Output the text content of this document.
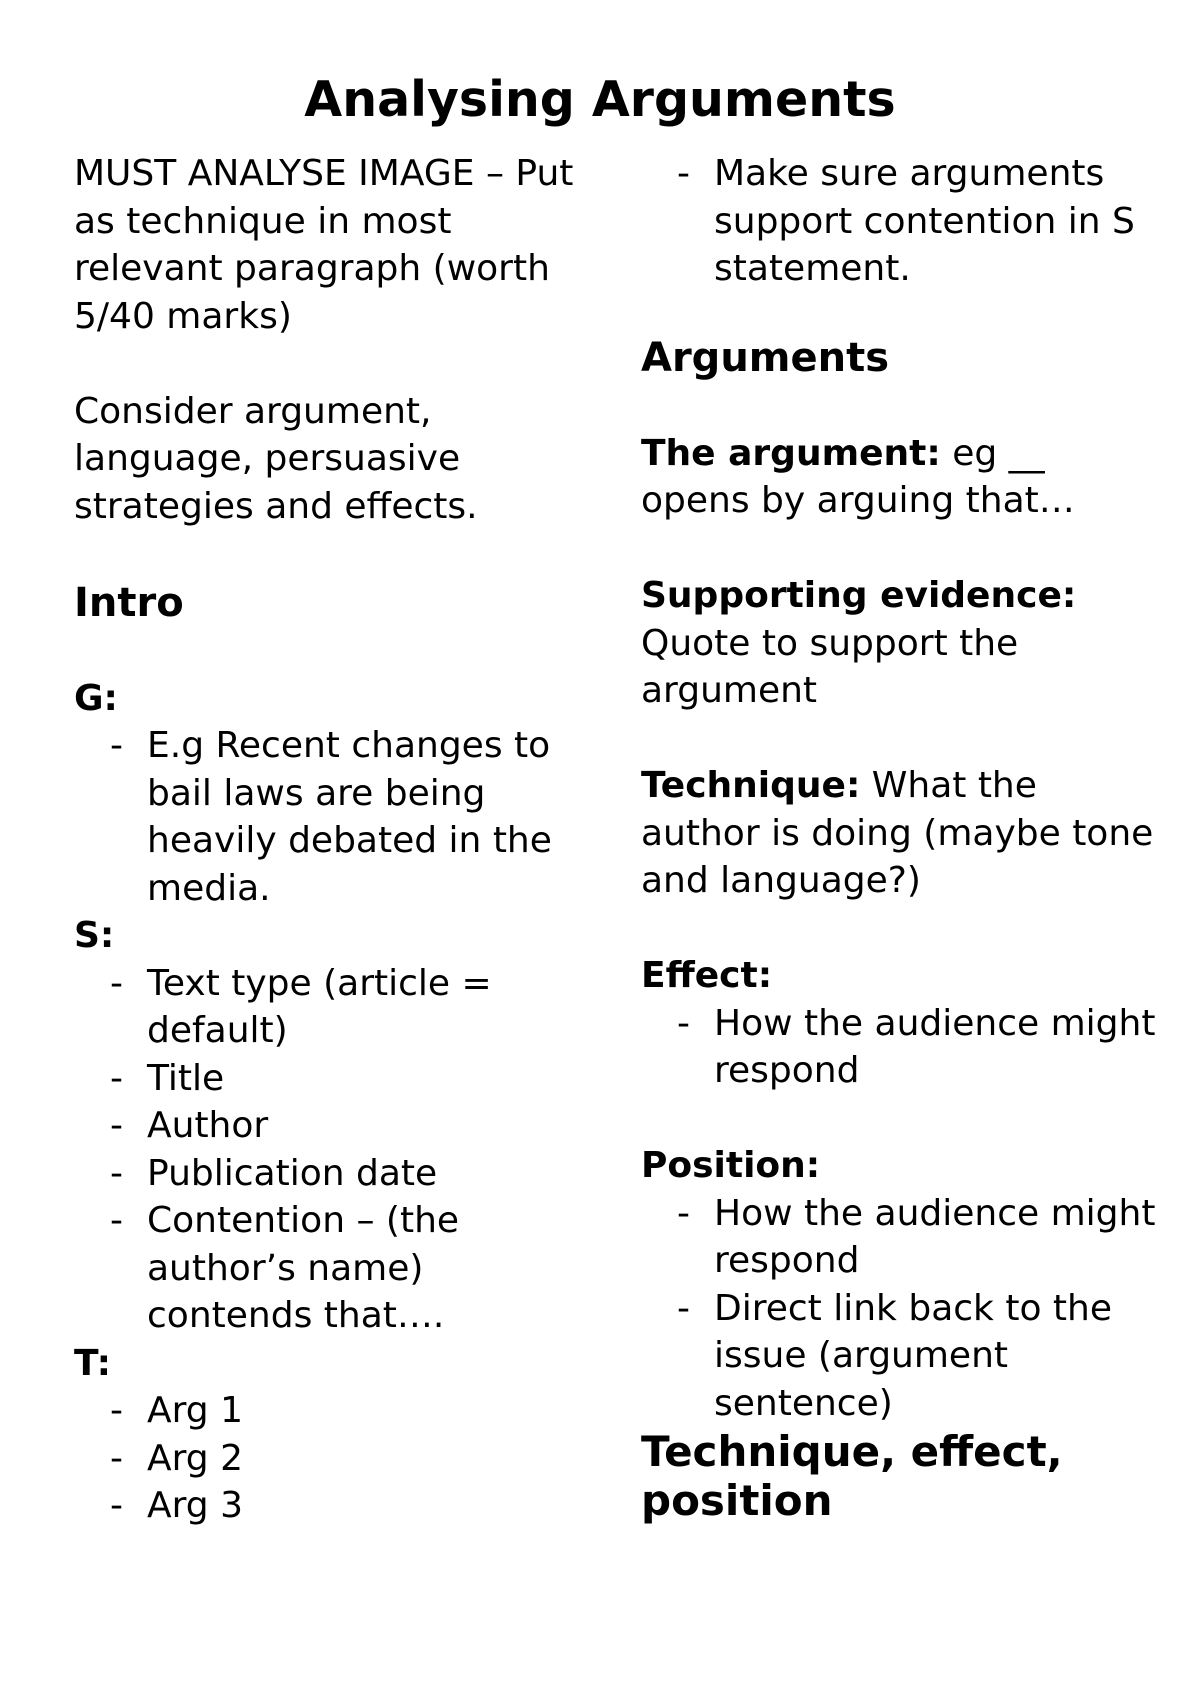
Analysing Arguments

MUST ANALYSE IMAGE – Put as technique in most relevant paragraph (worth 5/40 marks)

Consider argument, language, persuasive strategies and effects.

Intro

G:

- E.g Recent changes to bail laws are being heavily debated in the media.

S:

- Text type (article = default)
- Title
- Author
- Publication date
- Contention – (the author’s name) contends that….

T:

- Arg 1
- Arg 2
- Arg 3
- Make sure arguments support contention in S statement.
Arguments

The argument: eg __ opens by arguing that…

Supporting evidence: Quote to support the argument

Technique: What the author is doing (maybe tone and language?)

Effect:

- How the audience might respond

Position:

- How the audience might respond
- Direct link back to the issue (argument sentence)
Technique, effect, position
